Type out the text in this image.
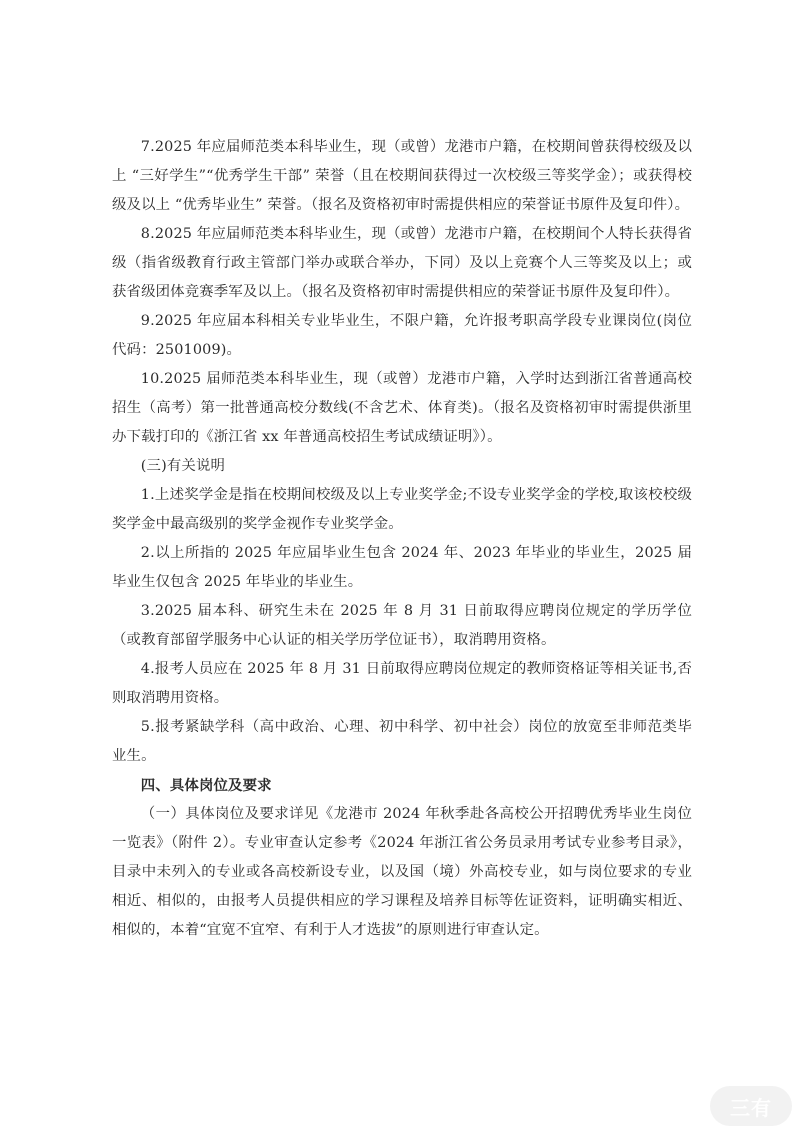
7.2025 年应届师范类本科毕业生，现（或曾）龙港市户籍，在校期间曾获得校级及以上 “三好学生”“优秀学生干部” 荣誉（且在校期间获得过一次校级三等奖学金）；或获得校级及以上 “优秀毕业生” 荣誉。（报名及资格初审时需提供相应的荣誉证书原件及复印件）。

8.2025 年应届师范类本科毕业生，现（或曾）龙港市户籍，在校期间个人特长获得省级（指省级教育行政主管部门举办或联合举办，下同）及以上竞赛个人三等奖及以上；或获省级团体竞赛季军及以上。（报名及资格初审时需提供相应的荣誉证书原件及复印件）。

9.2025 年应届本科相关专业毕业生，不限户籍，允许报考职高学段专业课岗位(岗位代码：2501009)。

10.2025 届师范类本科毕业生，现（或曾）龙港市户籍，入学时达到浙江省普通高校招生（高考）第一批普通高校分数线(不含艺术、体育类)。（报名及资格初审时需提供浙里办下载打印的《浙江省 xx 年普通高校招生考试成绩证明》）。

(三)有关说明

1.上述奖学金是指在校期间校级及以上专业奖学金;不设专业奖学金的学校,取该校校级奖学金中最高级别的奖学金视作专业奖学金。

2.以上所指的 2025 年应届毕业生包含 2024 年、2023 年毕业的毕业生，2025 届毕业生仅包含 2025 年毕业的毕业生。

3.2025 届本科、研究生未在 2025 年 8 月 31 日前取得应聘岗位规定的学历学位（或教育部留学服务中心认证的相关学历学位证书），取消聘用资格。

4.报考人员应在 2025 年 8 月 31 日前取得应聘岗位规定的教师资格证等相关证书,否则取消聘用资格。

5.报考紧缺学科（高中政治、心理、初中科学、初中社会）岗位的放宽至非师范类毕业生。

四、具体岗位及要求

（一）具体岗位及要求详见《龙港市 2024 年秋季赴各高校公开招聘优秀毕业生岗位一览表》（附件 2）。专业审查认定参考《2024 年浙江省公务员录用考试专业参考目录》，目录中未列入的专业或各高校新设专业，以及国（境）外高校专业，如与岗位要求的专业相近、相似的，由报考人员提供相应的学习课程及培养目标等佐证资料，证明确实相近、相似的，本着“宜宽不宜窄、有利于人才选拔”的原则进行审查认定。

三有
